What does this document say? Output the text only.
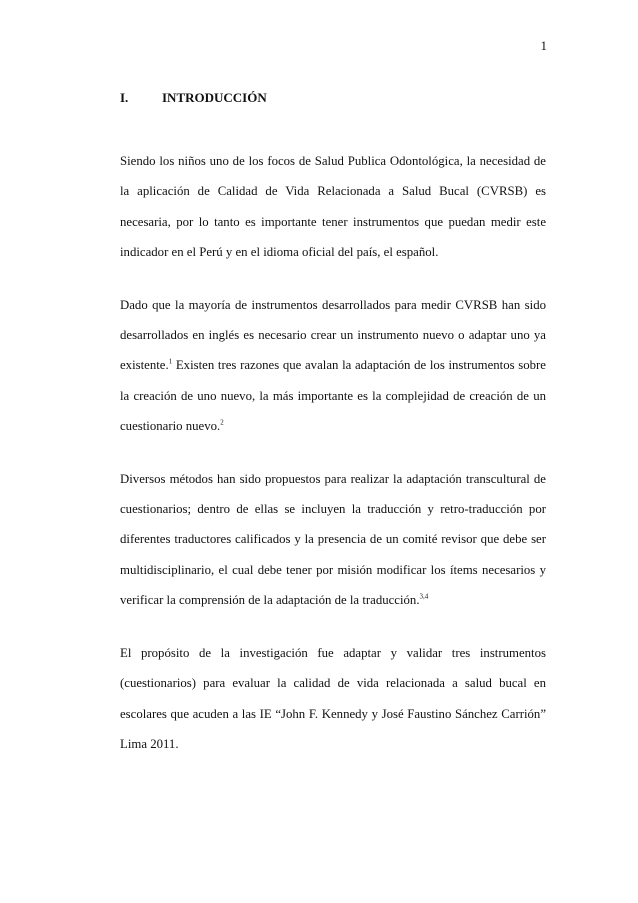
1
I.	INTRODUCCIÓN

Siendo los niños uno de los focos de Salud Publica Odontológica, la necesidad de la aplicación de Calidad de Vida Relacionada a Salud Bucal (CVRSB) es necesaria, por lo tanto es importante tener instrumentos que puedan medir este indicador en el Perú y en el idioma oficial del país, el español.

Dado que la mayoría de instrumentos desarrollados para medir CVRSB han sido desarrollados en inglés es necesario crear un instrumento nuevo o adaptar uno ya existente.$^1$ Existen tres razones que avalan la adaptación de los instrumentos sobre la creación de uno nuevo, la más importante es la complejidad de creación de un cuestionario nuevo.$^2$

Diversos métodos han sido propuestos para realizar la adaptación transcultural de cuestionarios; dentro de ellas se incluyen la traducción y retro-traducción por diferentes traductores calificados y la presencia de un comité revisor que debe ser multidisciplinario, el cual debe tener por misión modificar los ítems necesarios y verificar la comprensión de la adaptación de la traducción.$^{3,4}$

El propósito de la investigación fue adaptar y validar tres instrumentos (cuestionarios) para evaluar la calidad de vida relacionada a salud bucal en escolares que acuden a las IE “John F. Kennedy y José Faustino Sánchez Carrión” Lima 2011.
